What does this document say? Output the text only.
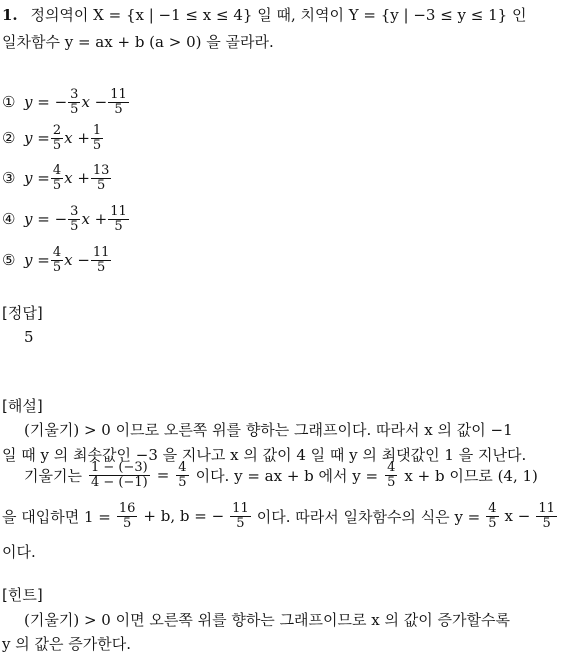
1. 정의역이 X = {x | −1 ≤ x ≤ 4} 일 때, 치역이 Y = {y | −3 ≤ y ≤ 1} 인
일차함수 y = ax + b (a > 0) 을 골라라.
① y = − $\frac{3}{5}$ $x - \frac{11}{5}$
② $y = \frac{2}{5}$ $x + \frac{1}{5}$
③ $y = \frac{4}{5}$ $x + \frac{13}{5}$
④ y = − $\frac{3}{5}$ $x + \frac{11}{5}$
⑤ $y = \frac{4}{5}$ $x - \frac{11}{5}$
[정답]
5
[해설]
(기울기) > 0 이므로 오른쪽 위를 향하는 그래프이다. 따라서 x 의 값이 −1
일 때 y 의 최솟값인 −3 을 지나고 x 의 값이 4 일 때 y 의 최댓값인 1 을 지난다.
기울기는 $\frac{1 - (-3)}{4 - (-1)} = \frac{4}{5}$ 이다. y = ax + b 에서 $y = \frac{4}{5}$ x + b 이므로 (4, 1)
을 대입하면 $1 = \frac{16}{5} + b$, b = − $\frac{11}{5}$ 이다. 따라서 일차함수의 식은 $y = \frac{4}{5}$ $x - \frac{11}{5}$
이다.
[힌트]
(기울기) > 0 이면 오른쪽 위를 향하는 그래프이므로 x 의 값이 증가할수록
y 의 값은 증가한다.
